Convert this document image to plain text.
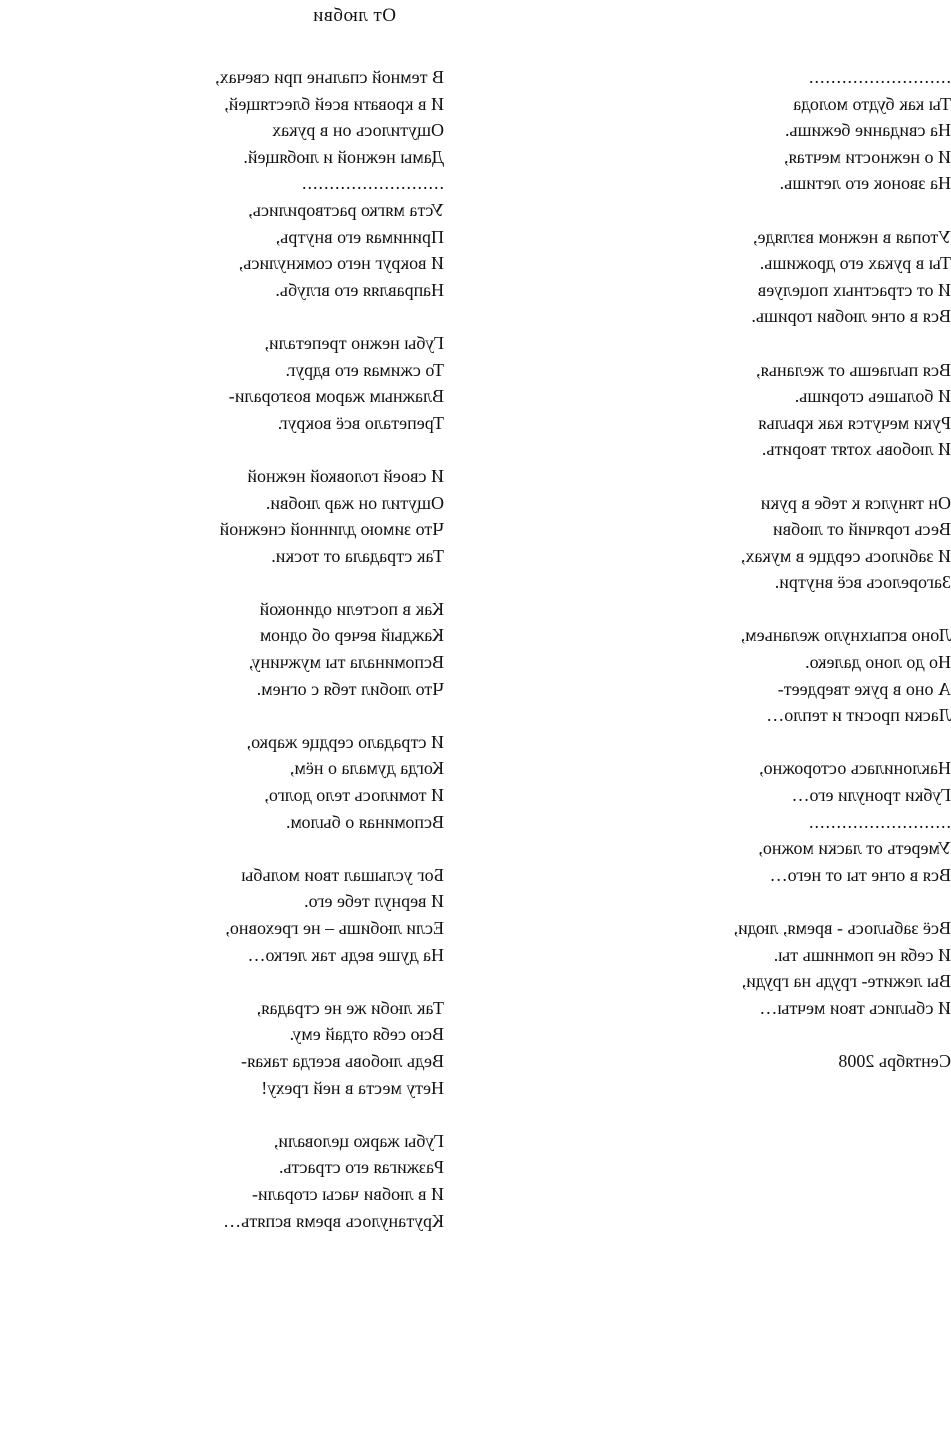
От любви
..........................
Ты как будто молода
На свидание бежишь.
И о нежности мечтая,
На звонок его летишь.
Утопая в нежном взгляде,
Ты в руках его дрожишь.
И от страстных поцелуев
Вся в огне любви горишь.
Вся пылаешь от желанья,
И большеь сгоришь.
Руки мечутся как крылья
И любовь хотят творить.
Он тянулся к тебе в руки
Весь горячий от любви
И забилось сердце в муках,
Загорелось всё внутри.
Лоно вспыхнуло желаньем,
Но до лоно далеко.
А оно в руке твердеет-
Ласки просит и тепло…
Наклонилась осторожно,
Губки тронули его…
..........................
Умереть от ласки можно,
Вся в огне ты от него…
Всё забылось - время, люди,
И себя не помнишь ты.
Вы лежите- грудь на груди,
И сбылись твои мечты…
Сентябрь 2008
В темной спальне при свечах,
И в кровати всей блестящей,
Ощутилось он в руках
Дамы нежной и любящей.
..........................
Уста мягко растворились,
Принимая его внутрь,
И вокруг него сомкнулись,
Направляя его вглубь.
Губы нежно трепетали,
То сжимая его вдруг.
Влажным жаром возгорали-
Трепетало всё вокруг.
И своей головкой нежной
Ощутил он жар любви.
Что зимою длинной снежной
Так страдала от тоски.
Как в постели одинокой
Каждый вечер об одном
Вспоминала ты мужчину,
Что любил тебя с огнем.
И страдало сердце жарко,
Когда думала о нём,
И томилось тело долго,
Вспоминая о былом.
Бог услышал твои мольбы
И вернул тебе его.
Если любишь – не греховно,
На душе ведь так легко…
Так люби же не страдая,
Всю себя отдай ему.
Ведь любовь всегда такая-
Нету места в ней греху!
Губы жарко целовали,
Разжигая его страсть.
И в любви часы сгорали-
Крутанулось время вспять…
